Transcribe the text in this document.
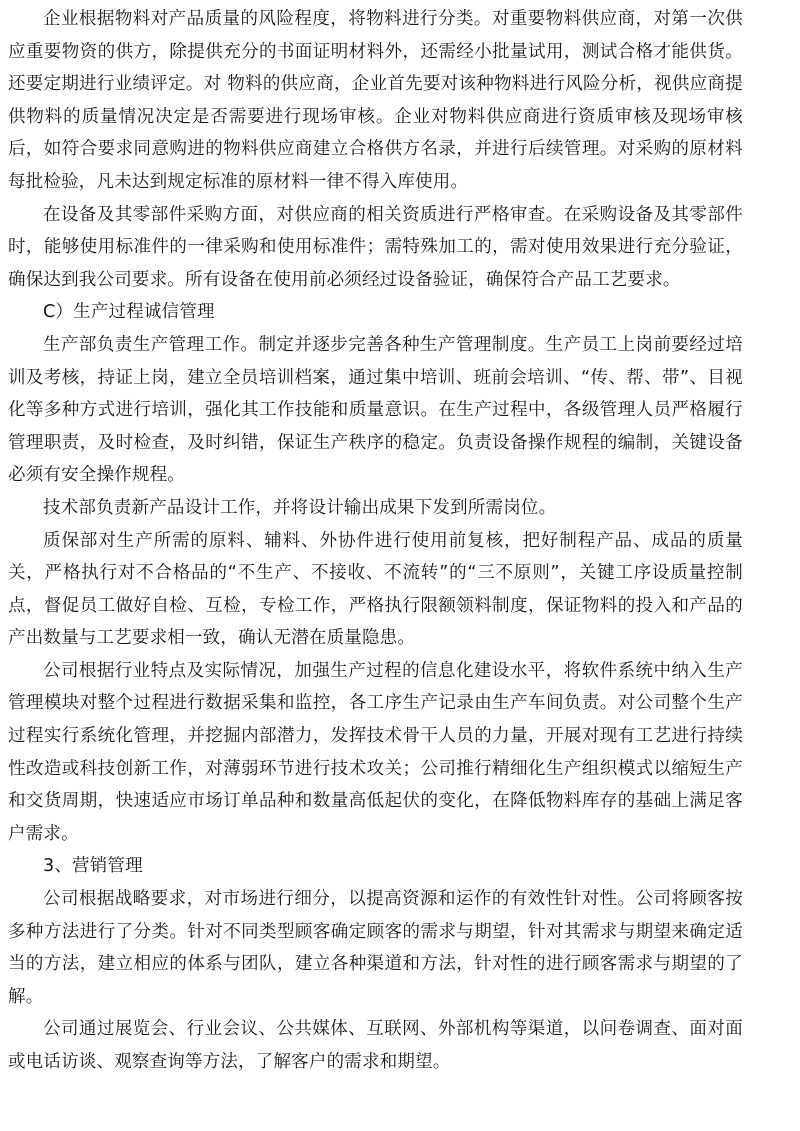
企业根据物料对产品质量的风险程度，将物料进行分类。对重要物料供应商，对第一次供应重要物资的供方，除提供充分的书面证明材料外，还需经小批量试用，测试合格才能供货。还要定期进行业绩评定。对 物料的供应商，企业首先要对该种物料进行风险分析，视供应商提供物料的质量情况决定是否需要进行现场审核。企业对物料供应商进行资质审核及现场审核后，如符合要求同意购进的物料供应商建立合格供方名录，并进行后续管理。对采购的原材料每批检验，凡未达到规定标准的原材料一律不得入库使用。

在设备及其零部件采购方面，对供应商的相关资质进行严格审查。在采购设备及其零部件时，能够使用标准件的一律采购和使用标准件；需特殊加工的，需对使用效果进行充分验证，确保达到我公司要求。所有设备在使用前必须经过设备验证，确保符合产品工艺要求。

C）生产过程诚信管理

生产部负责生产管理工作。制定并逐步完善各种生产管理制度。生产员工上岗前要经过培训及考核，持证上岗，建立全员培训档案，通过集中培训、班前会培训、“传、帮、带”、目视化等多种方式进行培训，强化其工作技能和质量意识。在生产过程中，各级管理人员严格履行管理职责，及时检查，及时纠错，保证生产秩序的稳定。负责设备操作规程的编制，关键设备必须有安全操作规程。

技术部负责新产品设计工作，并将设计输出成果下发到所需岗位。

质保部对生产所需的原料、辅料、外协件进行使用前复核，把好制程产品、成品的质量关，严格执行对不合格品的“不生产、不接收、不流转”的“三不原则”，关键工序设质量控制点，督促员工做好自检、互检，专检工作，严格执行限额领料制度，保证物料的投入和产品的产出数量与工艺要求相一致，确认无潜在质量隐患。

公司根据行业特点及实际情况，加强生产过程的信息化建设水平，将软件系统中纳入生产管理模块对整个过程进行数据采集和监控，各工序生产记录由生产车间负责。对公司整个生产过程实行系统化管理，并挖掘内部潜力，发挥技术骨干人员的力量，开展对现有工艺进行持续性改造或科技创新工作，对薄弱环节进行技术攻关；公司推行精细化生产组织模式以缩短生产和交货周期，快速适应市场订单品种和数量高低起伏的变化，在降低物料库存的基础上满足客户需求。

3、营销管理

公司根据战略要求，对市场进行细分，以提高资源和运作的有效性针对性。公司将顾客按多种方法进行了分类。针对不同类型顾客确定顾客的需求与期望，针对其需求与期望来确定适当的方法，建立相应的体系与团队，建立各种渠道和方法，针对性的进行顾客需求与期望的了解。

公司通过展览会、行业会议、公共媒体、互联网、外部机构等渠道，以问卷调查、面对面或电话访谈、观察查询等方法，了解客户的需求和期望。
